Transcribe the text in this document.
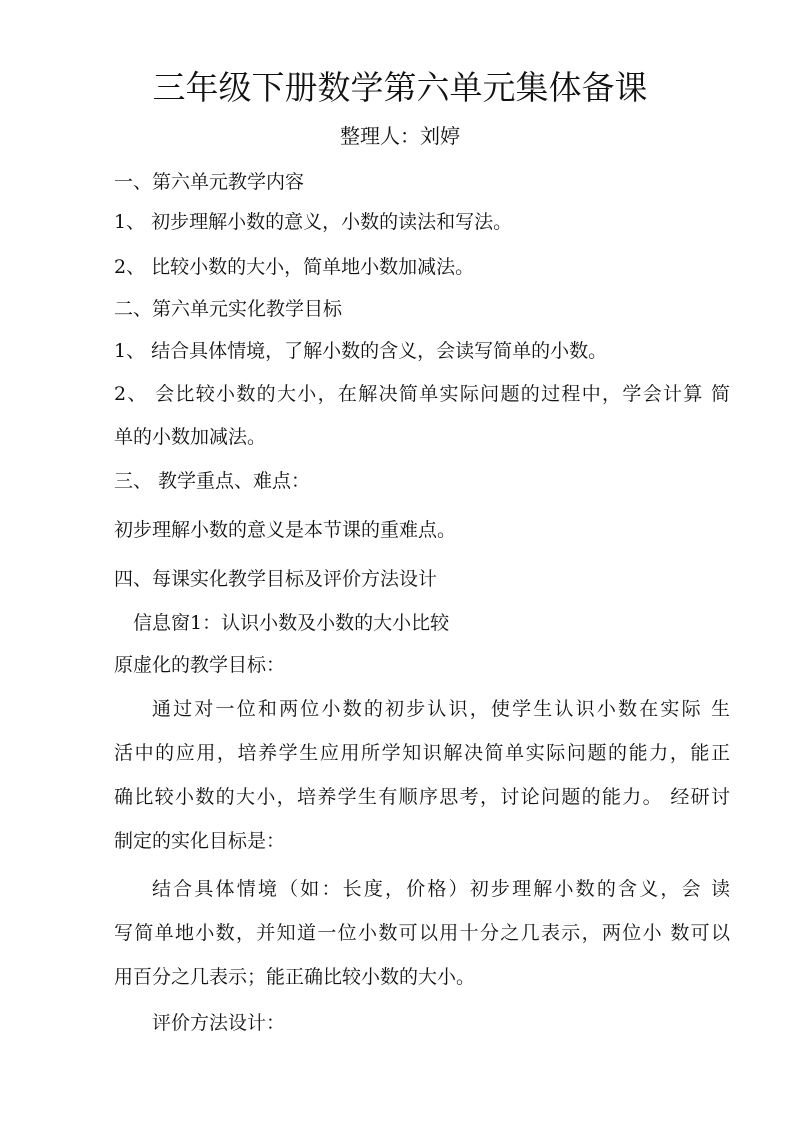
三年级下册数学第六单元集体备课
整理人：刘婷
一、第六单元教学内容
1、 初步理解小数的意义，小数的读法和写法。
2、 比较小数的大小，简单地小数加减法。
二、第六单元实化教学目标
1、 结合具体情境，了解小数的含义，会读写简单的小数。
2、 会比较小数的大小，在解决简单实际问题的过程中，学会计算 简
单的小数加减法。
三、 教学重点、难点：
初步理解小数的意义是本节课的重难点。
四、每课实化教学目标及评价方法设计
信息窗1：认识小数及小数的大小比较
原虚化的教学目标：
通过对一位和两位小数的初步认识，使学生认识小数在实际 生
活中的应用，培养学生应用所学知识解决简单实际问题的能力，能正
确比较小数的大小，培养学生有顺序思考，讨论问题的能力。 经研讨
制定的实化目标是：
结合具体情境（如：长度，价格）初步理解小数的含义，会 读
写简单地小数，并知道一位小数可以用十分之几表示，两位小 数可以
用百分之几表示；能正确比较小数的大小。
评价方法设计：
